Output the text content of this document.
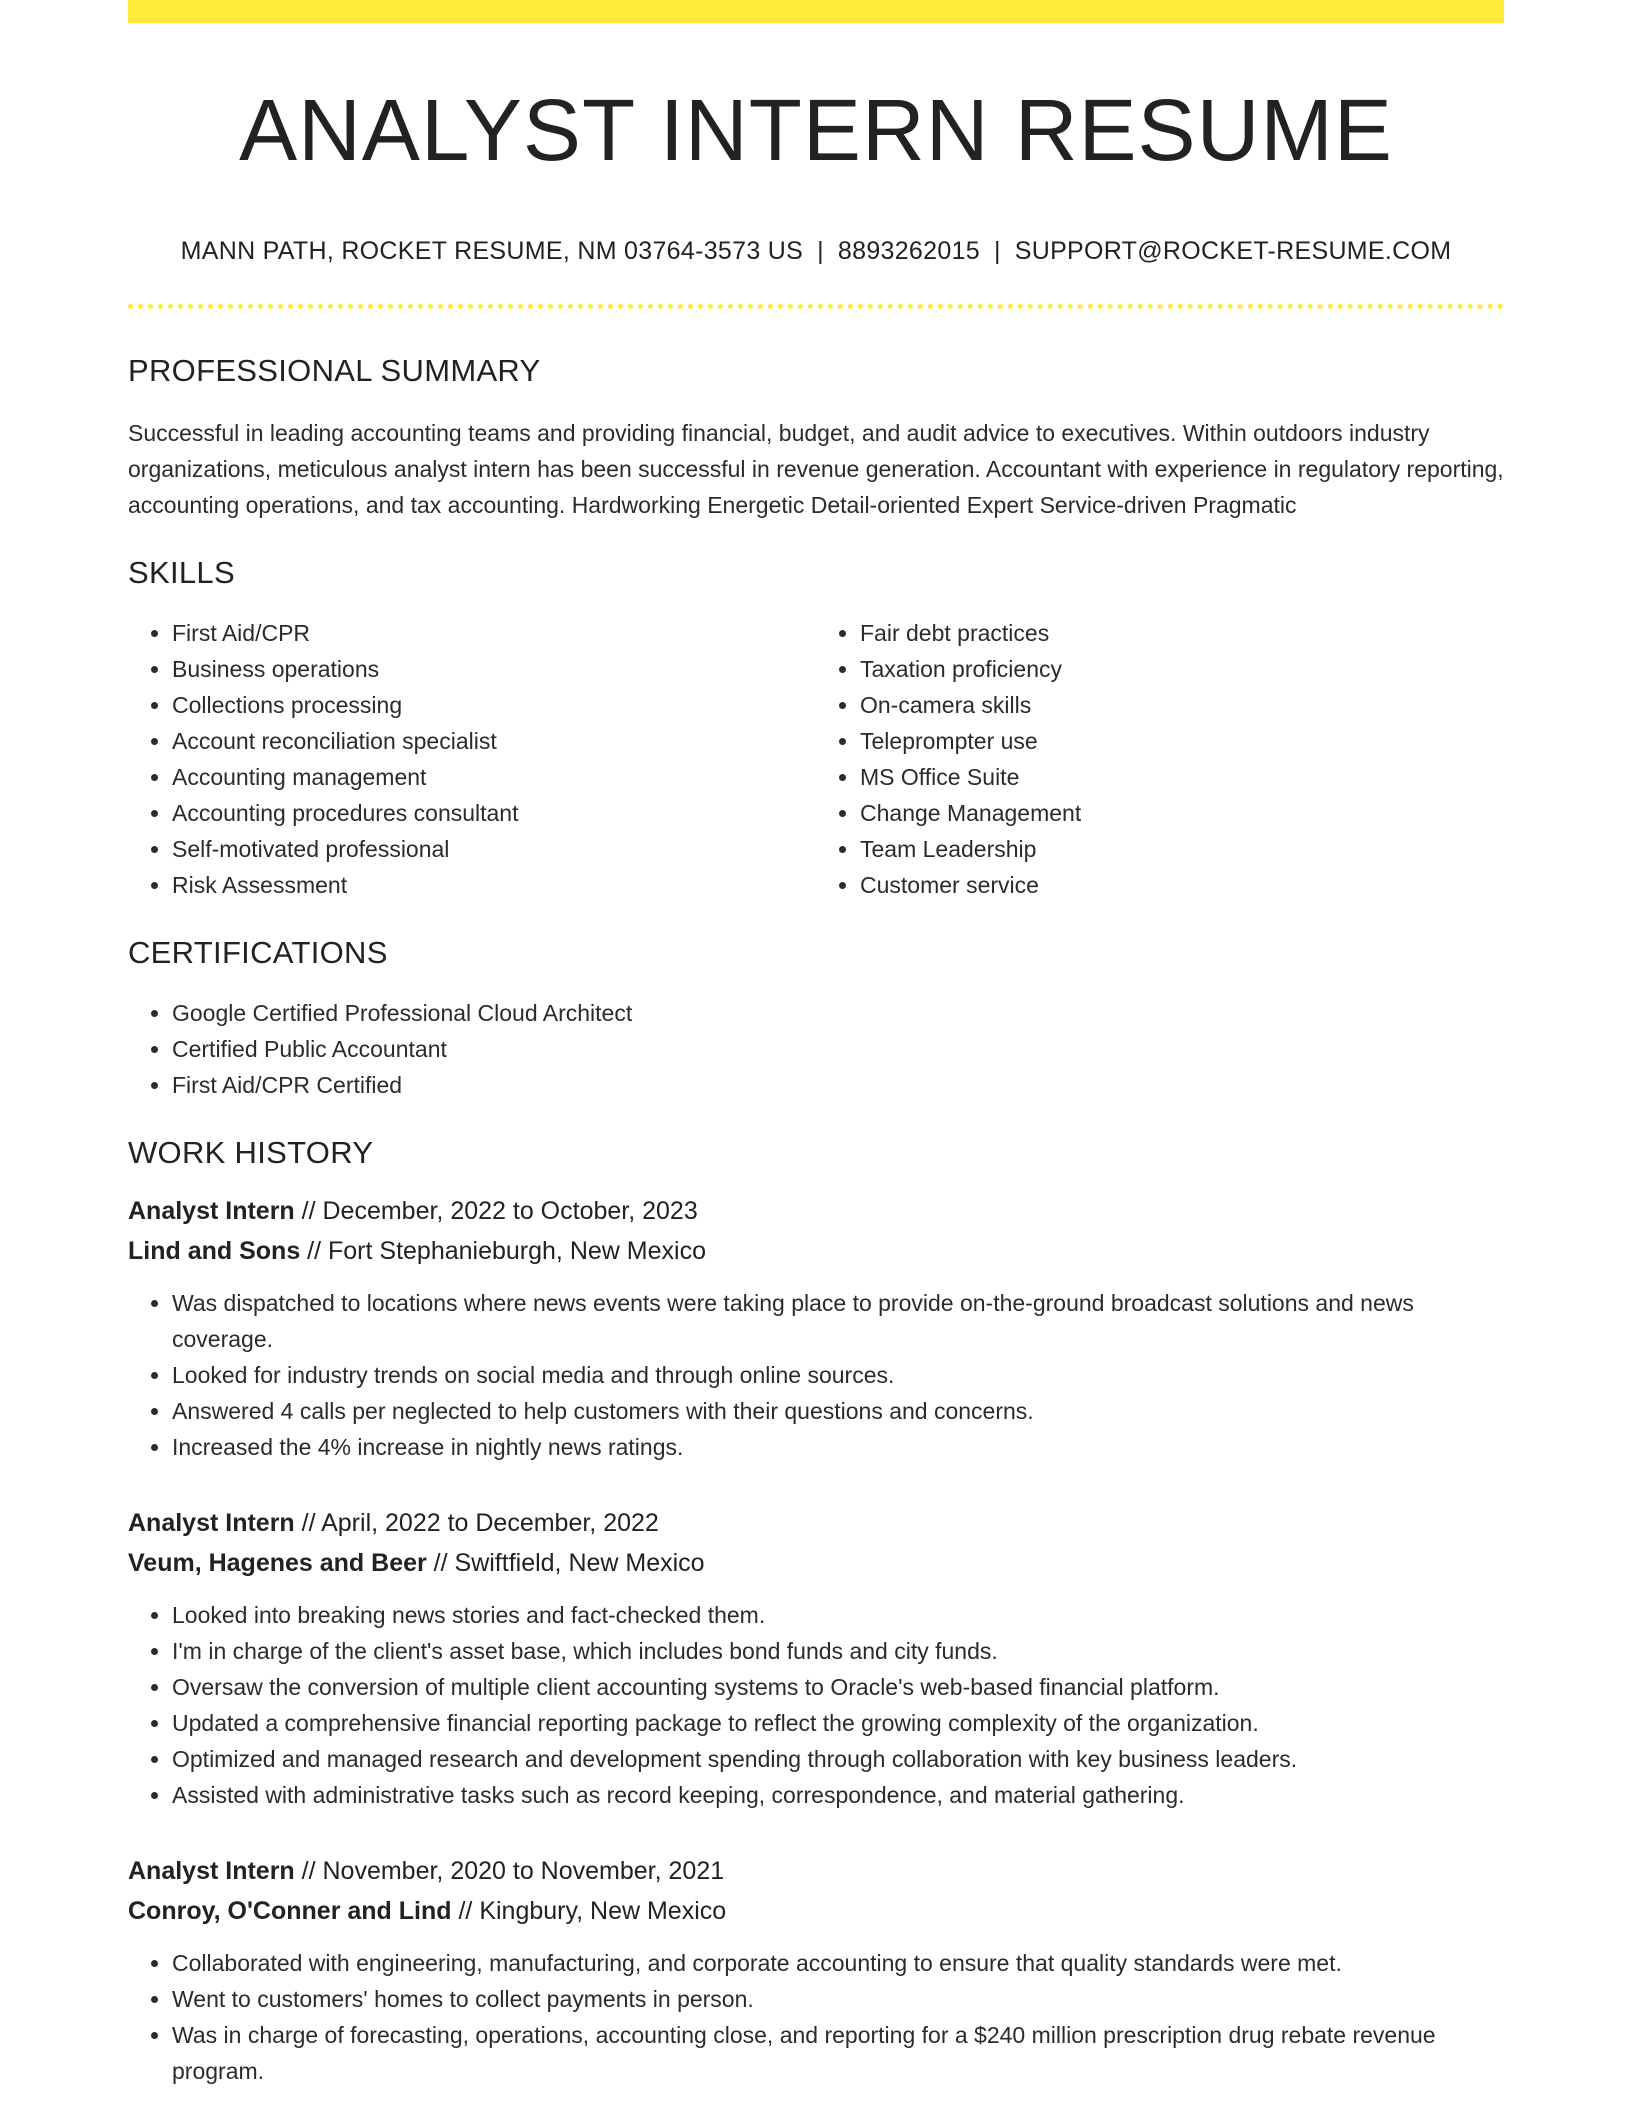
ANALYST INTERN RESUME
MANN PATH, ROCKET RESUME, NM 03764-3573 US | 8893262015 | SUPPORT@ROCKET-RESUME.COM
PROFESSIONAL SUMMARY

Successful in leading accounting teams and providing financial, budget, and audit advice to executives. Within outdoors industry organizations, meticulous analyst intern has been successful in revenue generation. Accountant with experience in regulatory reporting, accounting operations, and tax accounting. Hardworking Energetic Detail-oriented Expert Service-driven Pragmatic

SKILLS
• First Aid/CPR
• Business operations
• Collections processing
• Account reconciliation specialist
• Accounting management
• Accounting procedures consultant
• Self-motivated professional
• Risk Assessment
• Fair debt practices
• Taxation proficiency
• On-camera skills
• Teleprompter use
• MS Office Suite
• Change Management
• Team Leadership
• Customer service
CERTIFICATIONS
• Google Certified Professional Cloud Architect
• Certified Public Accountant
• First Aid/CPR Certified
WORK HISTORY
Analyst Intern // December, 2022 to October, 2023
Lind and Sons // Fort Stephanieburgh, New Mexico
• Was dispatched to locations where news events were taking place to provide on-the-ground broadcast solutions and news coverage.
• Looked for industry trends on social media and through online sources.
• Answered 4 calls per neglected to help customers with their questions and concerns.
• Increased the 4% increase in nightly news ratings.
Analyst Intern // April, 2022 to December, 2022
Veum, Hagenes and Beer // Swiftfield, New Mexico
• Looked into breaking news stories and fact-checked them.
• I'm in charge of the client's asset base, which includes bond funds and city funds.
• Oversaw the conversion of multiple client accounting systems to Oracle's web-based financial platform.
• Updated a comprehensive financial reporting package to reflect the growing complexity of the organization.
• Optimized and managed research and development spending through collaboration with key business leaders.
• Assisted with administrative tasks such as record keeping, correspondence, and material gathering.
Analyst Intern // November, 2020 to November, 2021
Conroy, O'Conner and Lind // Kingbury, New Mexico
• Collaborated with engineering, manufacturing, and corporate accounting to ensure that quality standards were met.
• Went to customers' homes to collect payments in person.
• Was in charge of forecasting, operations, accounting close, and reporting for a $240 million prescription drug rebate revenue program.
